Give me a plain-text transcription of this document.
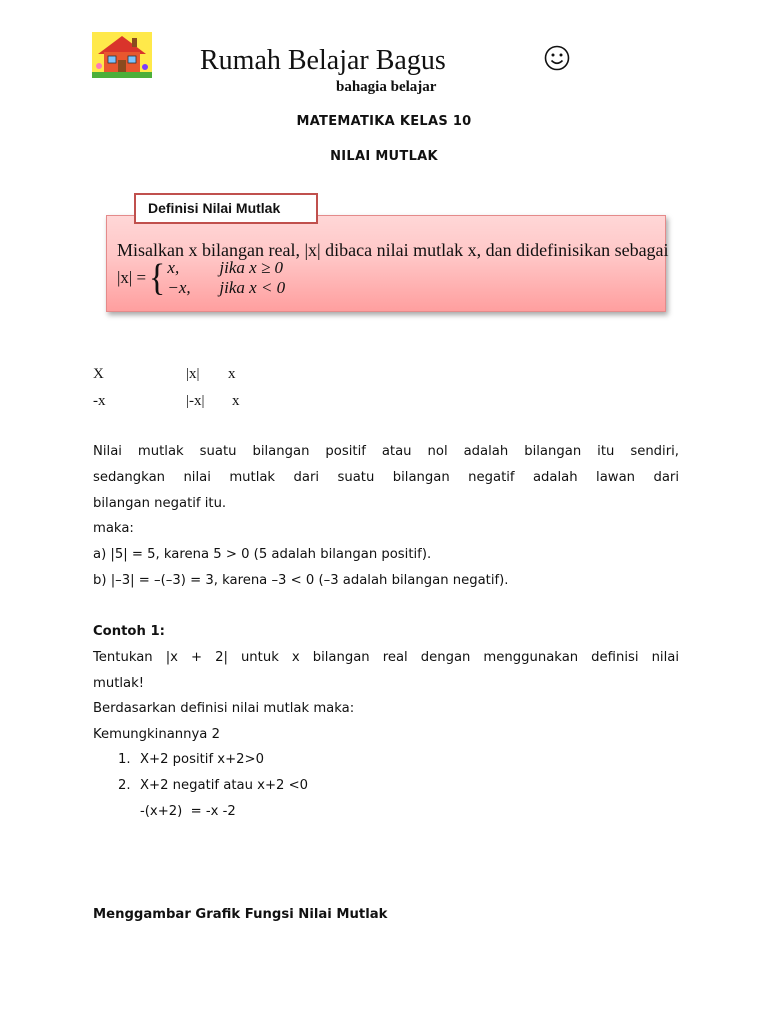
Rumah Belajar Bagus
bahagia belajar
MATEMATIKA KELAS 10
NILAI MUTLAK
Definisi Nilai Mutlak
Misalkan x bilangan real, |x| dibaca nilai mutlak x, dan didefinisikan sebagai
|x| = { x,	jika x ≥ 0
−x,	jika x < 0
X	|x| x
-x	|-x| x
Nilai mutlak suatu bilangan positif atau nol adalah bilangan itu sendiri,
sedangkan nilai mutlak dari suatu bilangan negatif adalah lawan dari
bilangan negatif itu.
maka:
a) |5| = 5, karena 5 > 0 (5 adalah bilangan positif).
b) |–3| = –(–3) = 3, karena –3 < 0 (–3 adalah bilangan negatif).
Contoh 1:
Tentukan |x + 2| untuk x bilangan real dengan menggunakan definisi nilai
mutlak!
Berdasarkan definisi nilai mutlak maka:
Kemungkinannya 2
1. X+2 positif x+2>0
2. X+2 negatif atau x+2 <0
-(x+2)  = -x -2
Menggambar Grafik Fungsi Nilai Mutlak
